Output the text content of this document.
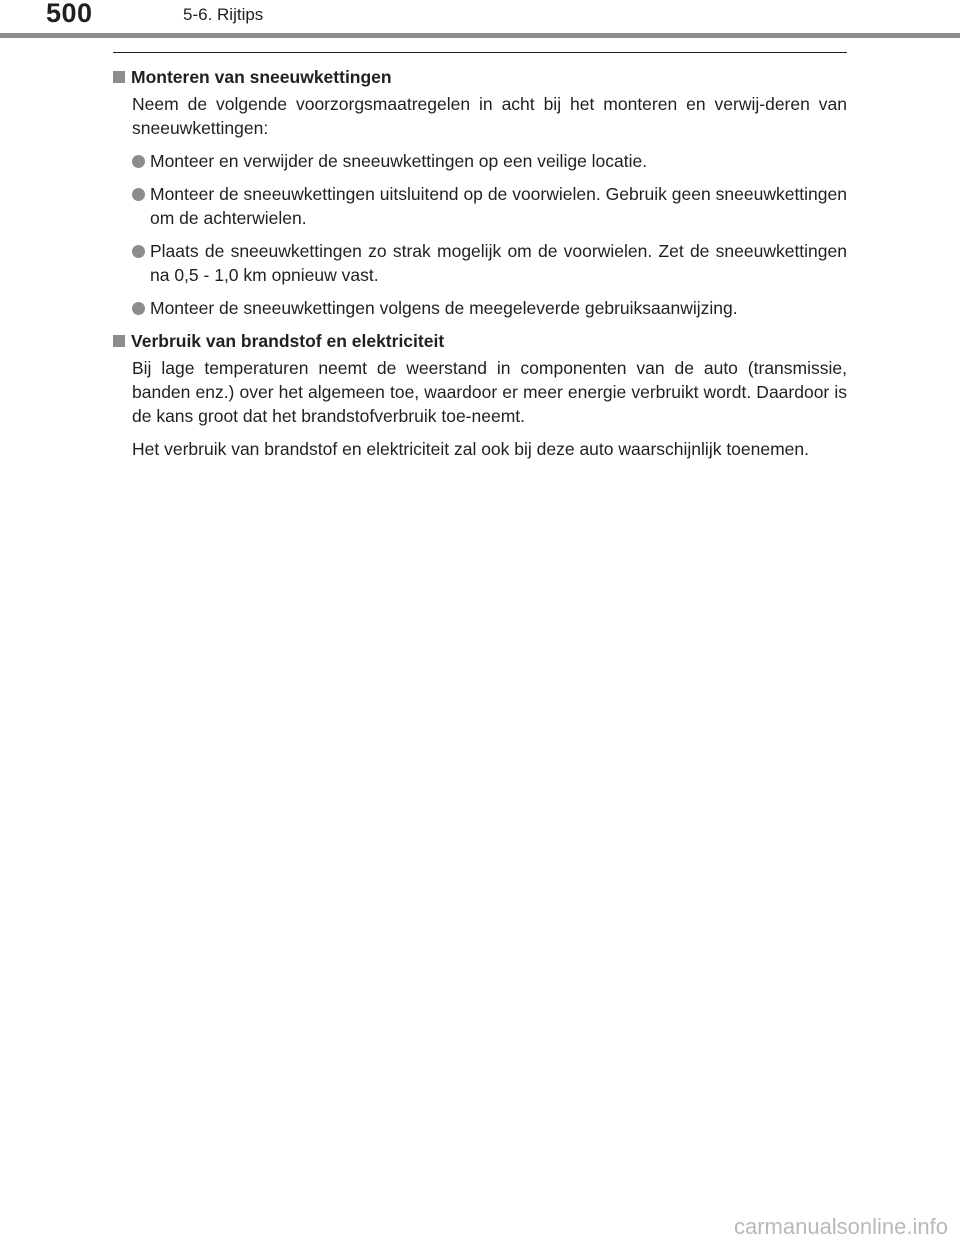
500	5-6. Rijtips
Monteren van sneeuwkettingen
Neem de volgende voorzorgsmaatregelen in acht bij het monteren en verwij-deren van sneeuwkettingen:
Monteer en verwijder de sneeuwkettingen op een veilige locatie.
Monteer de sneeuwkettingen uitsluitend op de voorwielen. Gebruik geen sneeuwkettingen om de achterwielen.
Plaats de sneeuwkettingen zo strak mogelijk om de voorwielen. Zet de sneeuwkettingen na 0,5 - 1,0 km opnieuw vast.
Monteer de sneeuwkettingen volgens de meegeleverde gebruiksaanwijzing.
Verbruik van brandstof en elektriciteit
Bij lage temperaturen neemt de weerstand in componenten van de auto (transmissie, banden enz.) over het algemeen toe, waardoor er meer energie verbruikt wordt. Daardoor is de kans groot dat het brandstofverbruik toe-neemt.
Het verbruik van brandstof en elektriciteit zal ook bij deze auto waarschijnlijk toenemen.
carmanualsonline.info
